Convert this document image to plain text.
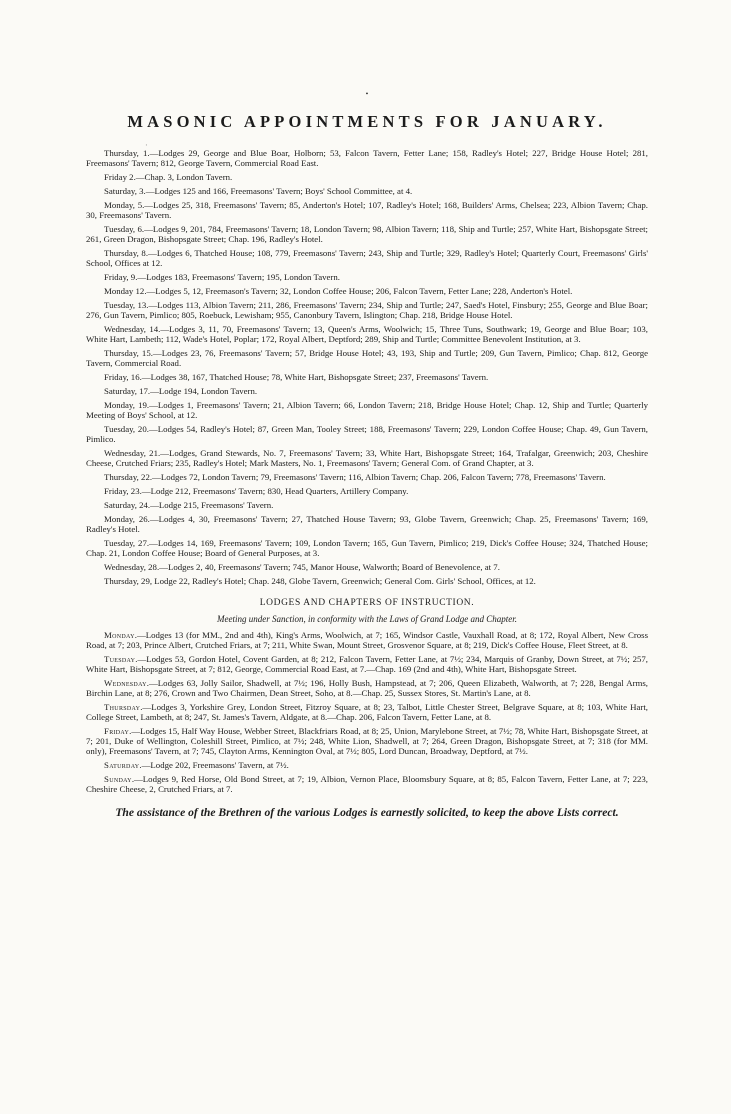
ˌ
•
MASONIC APPOINTMENTS FOR JANUARY.

Thursday, 1.—Lodges 29, George and Blue Boar, Holborn; 53, Falcon Tavern, Fetter Lane; 158, Radley's Hotel; 227, Bridge House Hotel; 281, Freemasons' Tavern; 812, George Tavern, Commercial Road East.

Friday 2.—Chap. 3, London Tavern.

Saturday, 3.—Lodges 125 and 166, Freemasons' Tavern; Boys' School Committee, at 4.

Monday, 5.—Lodges 25, 318, Freemasons' Tavern; 85, Anderton's Hotel; 107, Radley's Hotel; 168, Builders' Arms, Chelsea; 223, Albion Tavern; Chap. 30, Freemasons' Tavern.

Tuesday, 6.—Lodges 9, 201, 784, Freemasons' Tavern; 18, London Tavern; 98, Albion Tavern; 118, Ship and Turtle; 257, White Hart, Bishopsgate Street; 261, Green Dragon, Bishopsgate Street; Chap. 196, Radley's Hotel.

Thursday, 8.—Lodges 6, Thatched House; 108, 779, Freemasons' Tavern; 243, Ship and Turtle; 329, Radley's Hotel; Quarterly Court, Freemasons' Girls' School, Offices at 12.

Friday, 9.—Lodges 183, Freemasons' Tavern; 195, London Tavern.

Monday 12.—Lodges 5, 12, Freemason's Tavern; 32, London Coffee House; 206, Falcon Tavern, Fetter Lane; 228, Anderton's Hotel.

Tuesday, 13.—Lodges 113, Albion Tavern; 211, 286, Freemasons' Tavern; 234, Ship and Turtle; 247, Saed's Hotel, Finsbury; 255, George and Blue Boar; 276, Gun Tavern, Pimlico; 805, Roebuck, Lewisham; 955, Canonbury Tavern, Islington; Chap. 218, Bridge House Hotel.

Wednesday, 14.—Lodges 3, 11, 70, Freemasons' Tavern; 13, Queen's Arms, Woolwich; 15, Three Tuns, Southwark; 19, George and Blue Boar; 103, White Hart, Lambeth; 112, Wade's Hotel, Poplar; 172, Royal Albert, Deptford; 289, Ship and Turtle; Committee Benevolent Institution, at 3.

Thursday, 15.—Lodges 23, 76, Freemasons' Tavern; 57, Bridge House Hotel; 43, 193, Ship and Turtle; 209, Gun Tavern, Pimlico; Chap. 812, George Tavern, Commercial Road.

Friday, 16.—Lodges 38, 167, Thatched House; 78, White Hart, Bishopsgate Street; 237, Freemasons' Tavern.

Saturday, 17.—Lodge 194, London Tavern.

Monday, 19.—Lodges 1, Freemasons' Tavern; 21, Albion Tavern; 66, London Tavern; 218, Bridge House Hotel; Chap. 12, Ship and Turtle; Quarterly Meeting of Boys' School, at 12.

Tuesday, 20.—Lodges 54, Radley's Hotel; 87, Green Man, Tooley Street; 188, Freemasons' Tavern; 229, London Coffee House; Chap. 49, Gun Tavern, Pimlico.

Wednesday, 21.—Lodges, Grand Stewards, No. 7, Freemasons' Tavern; 33, White Hart, Bishopsgate Street; 164, Trafalgar, Greenwich; 203, Cheshire Cheese, Crutched Friars; 235, Radley's Hotel; Mark Masters, No. 1, Freemasons' Tavern; General Com. of Grand Chapter, at 3.

Thursday, 22.—Lodges 72, London Tavern; 79, Freemasons' Tavern; 116, Albion Tavern; Chap. 206, Falcon Tavern; 778, Freemasons' Tavern.

Friday, 23.—Lodge 212, Freemasons' Tavern; 830, Head Quarters, Artillery Company.

Saturday, 24.—Lodge 215, Freemasons' Tavern.

Monday, 26.—Lodges 4, 30, Freemasons' Tavern; 27, Thatched House Tavern; 93, Globe Tavern, Greenwich; Chap. 25, Freemasons' Tavern; 169, Radley's Hotel.

Tuesday, 27.—Lodges 14, 169, Freemasons' Tavern; 109, London Tavern; 165, Gun Tavern, Pimlico; 219, Dick's Coffee House; 324, Thatched House; Chap. 21, London Coffee House; Board of General Purposes, at 3.

Wednesday, 28.—Lodges 2, 40, Freemasons' Tavern; 745, Manor House, Walworth; Board of Benevolence, at 7.

Thursday, 29, Lodge 22, Radley's Hotel; Chap. 248, Globe Tavern, Greenwich; General Com. Girls' School, Offices, at 12.

LODGES AND CHAPTERS OF INSTRUCTION.
Meeting under Sanction, in conformity with the Laws of Grand Lodge and Chapter.

Monday.—Lodges 13 (for MM., 2nd and 4th), King's Arms, Woolwich, at 7; 165, Windsor Castle, Vauxhall Road, at 8; 172, Royal Albert, New Cross Road, at 7; 203, Prince Albert, Crutched Friars, at 7; 211, White Swan, Mount Street, Grosvenor Square, at 8; 219, Dick's Coffee House, Fleet Street, at 8.

Tuesday.—Lodges 53, Gordon Hotel, Covent Garden, at 8; 212, Falcon Tavern, Fetter Lane, at 7½; 234, Marquis of Granby, Down Street, at 7½; 257, White Hart, Bishopsgate Street, at 7; 812, George, Commercial Road East, at 7.—Chap. 169 (2nd and 4th), White Hart, Bishopsgate Street.

Wednesday.—Lodges 63, Jolly Sailor, Shadwell, at 7½; 196, Holly Bush, Hampstead, at 7; 206, Queen Elizabeth, Walworth, at 7; 228, Bengal Arms, Birchin Lane, at 8; 276, Crown and Two Chairmen, Dean Street, Soho, at 8.—Chap. 25, Sussex Stores, St. Martin's Lane, at 8.

Thursday.—Lodges 3, Yorkshire Grey, London Street, Fitzroy Square, at 8; 23, Talbot, Little Chester Street, Belgrave Square, at 8; 103, White Hart, College Street, Lambeth, at 8; 247, St. James's Tavern, Aldgate, at 8.—Chap. 206, Falcon Tavern, Fetter Lane, at 8.

Friday.—Lodges 15, Half Way House, Webber Street, Blackfriars Road, at 8; 25, Union, Marylebone Street, at 7½; 78, White Hart, Bishopsgate Street, at 7; 201, Duke of Wellington, Coleshill Street, Pimlico, at 7½; 248, White Lion, Shadwell, at 7; 264, Green Dragon, Bishopsgate Street, at 7; 318 (for MM. only), Freemasons' Tavern, at 7; 745, Clayton Arms, Kennington Oval, at 7½; 805, Lord Duncan, Broadway, Deptford, at 7½.

Saturday.—Lodge 202, Freemasons' Tavern, at 7½.

Sunday.—Lodges 9, Red Horse, Old Bond Street, at 7; 19, Albion, Vernon Place, Bloomsbury Square, at 8; 85, Falcon Tavern, Fetter Lane, at 7; 223, Cheshire Cheese, 2, Crutched Friars, at 7.

The assistance of the Brethren of the various Lodges is earnestly solicited, to keep the above Lists correct.
